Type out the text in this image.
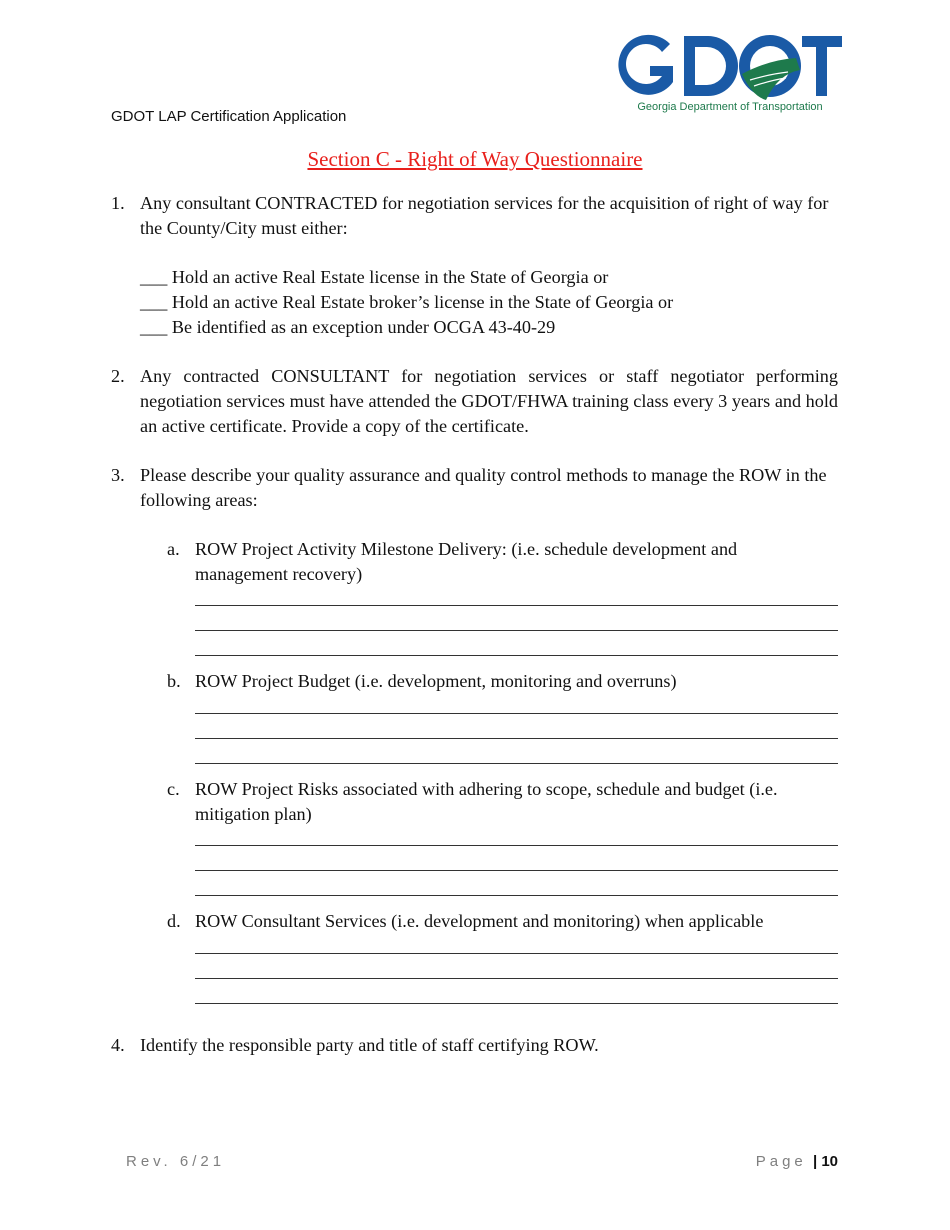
Georgia Department of Transportation
GDOT LAP Certification Application
Section C - Right of Way Questionnaire
1. Any consultant CONTRACTED for negotiation services for the acquisition of right of way for
the County/City must either:
___ Hold an active Real Estate license in the State of Georgia or
___ Hold an active Real Estate broker’s license in the State of Georgia or
___ Be identified as an exception under OCGA 43-40-29
2. Any contracted CONSULTANT for negotiation services or staff negotiator performing negotiation services must have attended the GDOT/FHWA training class every 3 years and hold an active certificate. Provide a copy of the certificate.
3. Please describe your quality assurance and quality control methods to manage the ROW in the
following areas:
a. ROW Project Activity Milestone Delivery: (i.e. schedule development and
management recovery)
b. ROW Project Budget (i.e. development, monitoring and overruns)
c. ROW Project Risks associated with adhering to scope, schedule and budget (i.e.
mitigation plan)
d. ROW Consultant Services (i.e. development and monitoring) when applicable
4. Identify the responsible party and title of staff certifying ROW.
Rev. 6/21	Page | 10
